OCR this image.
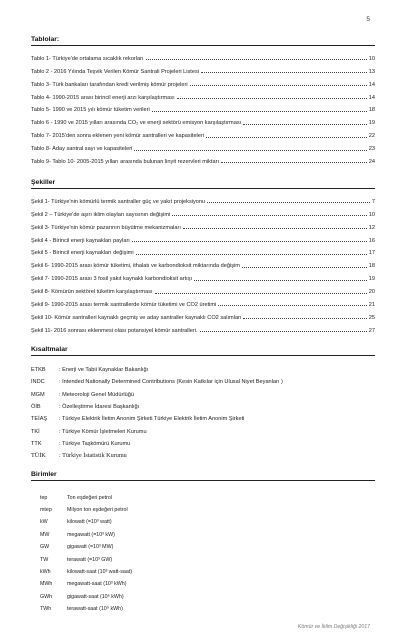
5
Tablolar:
Tablo 1- Türkiye'de ortalama sıcaklık rekorları	10
Tablo 2 - 2016 Yılında Teşvik Verilen Kömür Santrali Projeleri Listesi	13
Tablo 3- Türk bankaları tarafından kredi verilmiş kömür projeleri	14
Tablo 4- 1990-2015 arası birincil enerji arzı karşılaştırması	14
Tablo 5- 1990 ve 2015 yılı kömür tüketim verileri	18
Tablo 6 - 1990 ve 2015 yılları arasında CO₂ ve enerji sektörü emisyon karşılaştırması	19
Tablo 7- 2015'den sonra eklenen yeni kömür santralleri ve kapasiteleri	22
Tablo 8- Aday santral sayı ve kapasiteleri	23
Tablo 9- Tablo 10- 2005-2015 yılları arasında bulunan linyit rezervleri miktarı	24
Şekiller
Şekil 1- Türkiye'nin kömürlü termik santraller güç ve yakıt projeksiyonu	7
Şekil 2 – Türkiye'de aşırı iklim olayları sayısının değişimi	10
Şekil 3- Türkiye'nin kömür pazarının büyütme mekanizmaları	12
Şekil 4 - Birincil enerji kaynakları payları	16
Şekil 5 - Birincil enerji kaynakları değişimi	17
Şekil 6- 1990-2015 arası kömür tüketimi, ithalatı ve karbondioksit miktarında değişim	18
Şekil 7- 1990-2015 arası 3 fosil yakıt kaynaklı karbondioksit artışı	19
Şekil 8- Kömürün sektörel tüketim karşılaştırması	20
Şekil 9- 1990-2015 arası termik santrallerde kömür tüketimi ve CO2 üretimi	21
Şekil 10- Kömür santralleri kaynaklı geçmiş ve aday santraller kaynaklı CO2 salımları	25
Şekil 11- 2016 sonrası eklenmesi olası potansiyel kömür santralleri.	27
Kısaltmalar
ETKB	: Enerji ve Tabii Kaynaklar Bakanlığı
INDC	: Intended Nationally Determined Contributions (Kesin Katkılar için Ulusal Niyet Beyanları )
MGM	: Meteoroloji Genel Müdürlüğü
ÖİB	: Özelleştirme İdaresi Başkanlığı
TEİAŞ	: Türkiye Elektrik İletim Anonim Şirketi Türkiye Elektrik İletim Anonim Şirketi
TKİ	: Türkiye Kömür İşletmeleri Kurumu
TTK	: Türkiye Taşkömürü Kurumu
TÜİK	: Türkiye İstatistik Kurumu
Birimler
tep	Ton eşdeğeri petrol
mtep	Milyon ton eşdeğeri petrol
kW	kilowatt (=10³ watt)
MW	megawatt (=10³ kW)
GW	gigawatt (=10³ MW)
TW	terawatt (=10³ GW)
kWh	kilowatt-saat (10³ watt-saat)
MWh	megawatt-saat (10³ kWh)
GWh	gigawatt-saat (10⁶ kWh)
TWh	terawatt-saat (10⁹ kWh)
Kömür ve İklim Değişikliği 2017
